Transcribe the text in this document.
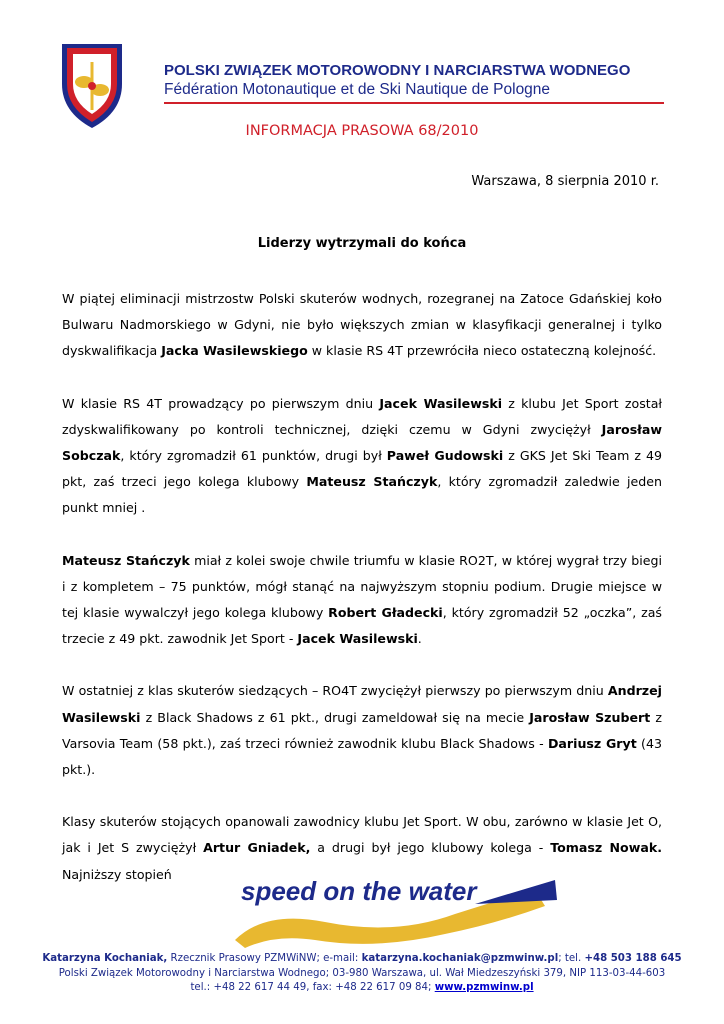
POLSKI ZWIĄZEK MOTOROWODNY I NARCIARSTWA WODNEGO
Fédération Motonautique et de Ski Nautique de Pologne
INFORMACJA PRASOWA 68/2010
Warszawa, 8 sierpnia 2010 r.
Liderzy wytrzymali do końca

W piątej eliminacji mistrzostw Polski skuterów wodnych, rozegranej na Zatoce Gdańskiej koło Bulwaru Nadmorskiego w Gdyni, nie było większych zmian w klasyfikacji generalnej i tylko dyskwalifikacja Jacka Wasilewskiego w klasie RS 4T przewróciła nieco ostateczną kolejność.

W klasie RS 4T prowadzący po pierwszym dniu Jacek Wasilewski z klubu Jet Sport został zdyskwalifikowany po kontroli technicznej, dzięki czemu w Gdyni zwyciężył Jarosław Sobczak, który zgromadził 61 punktów, drugi był Paweł Gudowski z GKS Jet Ski Team z 49 pkt, zaś trzeci jego kolega klubowy Mateusz Stańczyk, który zgromadził zaledwie jeden punkt mniej .

Mateusz Stańczyk miał z kolei swoje chwile triumfu w klasie RO2T, w której wygrał trzy biegi i z kompletem – 75 punktów, mógł stanąć na najwyższym stopniu podium. Drugie miejsce w tej klasie wywalczył jego kolega klubowy Robert Gładecki, który zgromadził 52 „oczka”, zaś trzecie z 49 pkt. zawodnik Jet Sport - Jacek Wasilewski.

W ostatniej z klas skuterów siedzących – RO4T zwyciężył pierwszy po pierwszym dniu Andrzej Wasilewski z Black Shadows z 61 pkt., drugi zameldował się na mecie Jarosław Szubert z Varsovia Team (58 pkt.), zaś trzeci również zawodnik klubu Black Shadows - Dariusz Gryt (43 pkt.).

Klasy skuterów stojących opanowali zawodnicy klubu Jet Sport. W obu, zarówno w klasie Jet O, jak i Jet S zwyciężył Artur Gniadek, a drugi był jego klubowy kolega - Tomasz Nowak. Najniższy stopień

speed on the water
Katarzyna Kochaniak, Rzecznik Prasowy PZMWiNW; e-mail: katarzyna.kochaniak@pzmwinw.pl; tel. +48 503 188 645
Polski Związek Motorowodny i Narciarstwa Wodnego; 03-980 Warszawa, ul. Wał Miedzeszyński 379, NIP 113-03-44-603
tel.: +48 22 617 44 49, fax: +48 22 617 09 84; www.pzmwinw.pl
